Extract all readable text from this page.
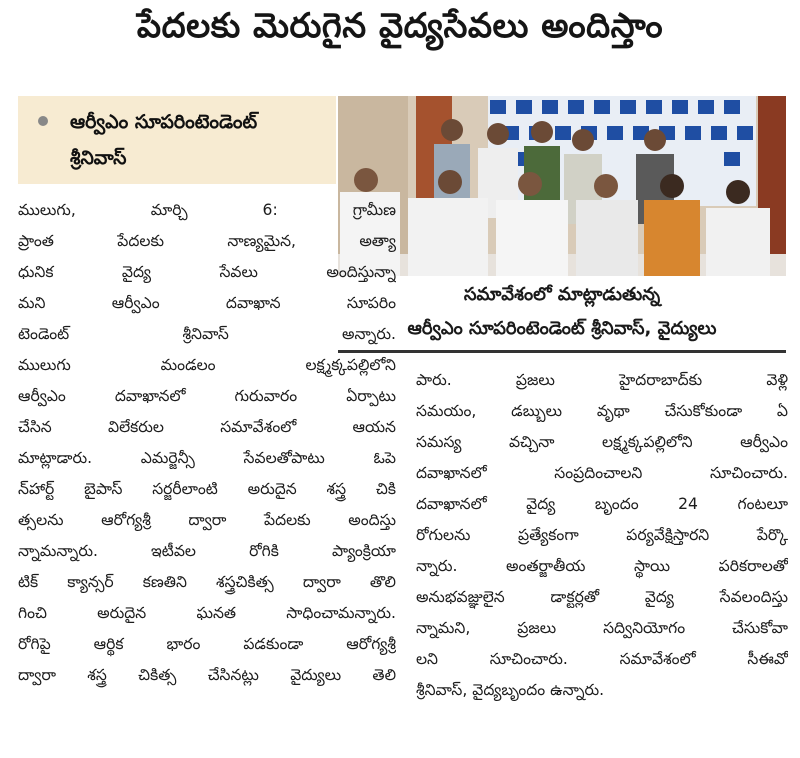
పేదలకు మెరుగైన వైద్యసేవలు అందిస్తాం
ఆర్వీఎం సూపరింటెండెంట్
శ్రీనివాస్
సమావేశంలో మాట్లాడుతున్న
ఆర్వీఎం సూపరింటెండెంట్ శ్రీనివాస్, వైద్యులు
ములుగు, మార్చి 6: గ్రామీణ
ప్రాంత పేదలకు నాణ్యమైన, అత్యా
ధునిక వైద్య సేవలు అందిస్తున్నా
మని ఆర్వీఎం దవాఖాన సూపరిం
టెండెంట్ శ్రీనివాస్ అన్నారు.
ములుగు మండలం లక్ష్మక్కపల్లిలోని
ఆర్వీఎం దవాఖానలో గురువారం ఏర్పాటు
చేసిన విలేకరుల సమావేశంలో ఆయన
మాట్లాడారు. ఎమర్జెన్సీ సేవలతోపాటు ఓపె
న్‌హార్ట్ బైపాస్ సర్జరీలాంటి అరుదైన శస్త్ర చికి
త్సలను ఆరోగ్యశ్రీ ద్వారా పేదలకు అందిస్తు
న్నామన్నారు. ఇటీవల రోగికి ప్యాంక్రియా
టిక్ క్యాన్సర్ కణతిని శస్త్రచికిత్స ద్వారా తొలి
గించి అరుదైన ఘనత సాధించామన్నారు.
రోగిపై ఆర్థిక భారం పడకుండా ఆరోగ్యశ్రీ
ద్వారా శస్త్ర చికిత్స చేసినట్లు వైద్యులు తెలి
పారు. ప్రజలు హైదరాబాద్‌కు వెళ్లి
సమయం, డబ్బులు వృథా చేసుకోకుండా ఏ
సమస్య వచ్చినా లక్ష్మక్కపల్లిలోని ఆర్వీఎం
దవాఖానలో సంప్రదించాలని సూచించారు.
దవాఖానలో వైద్య బృందం 24 గంటలూ
రోగులను ప్రత్యేకంగా పర్యవేక్షిస్తారని పేర్కొ
న్నారు. అంతర్జాతీయ స్థాయి పరికరాలతో
అనుభవజ్ఞులైన డాక్టర్లతో వైద్య సేవలందిస్తు
న్నామని, ప్రజలు సద్వినియోగం చేసుకోవా
లని సూచించారు. సమావేశంలో సీఈవో
శ్రీనివాస్, వైద్యబృందం ఉన్నారు.
